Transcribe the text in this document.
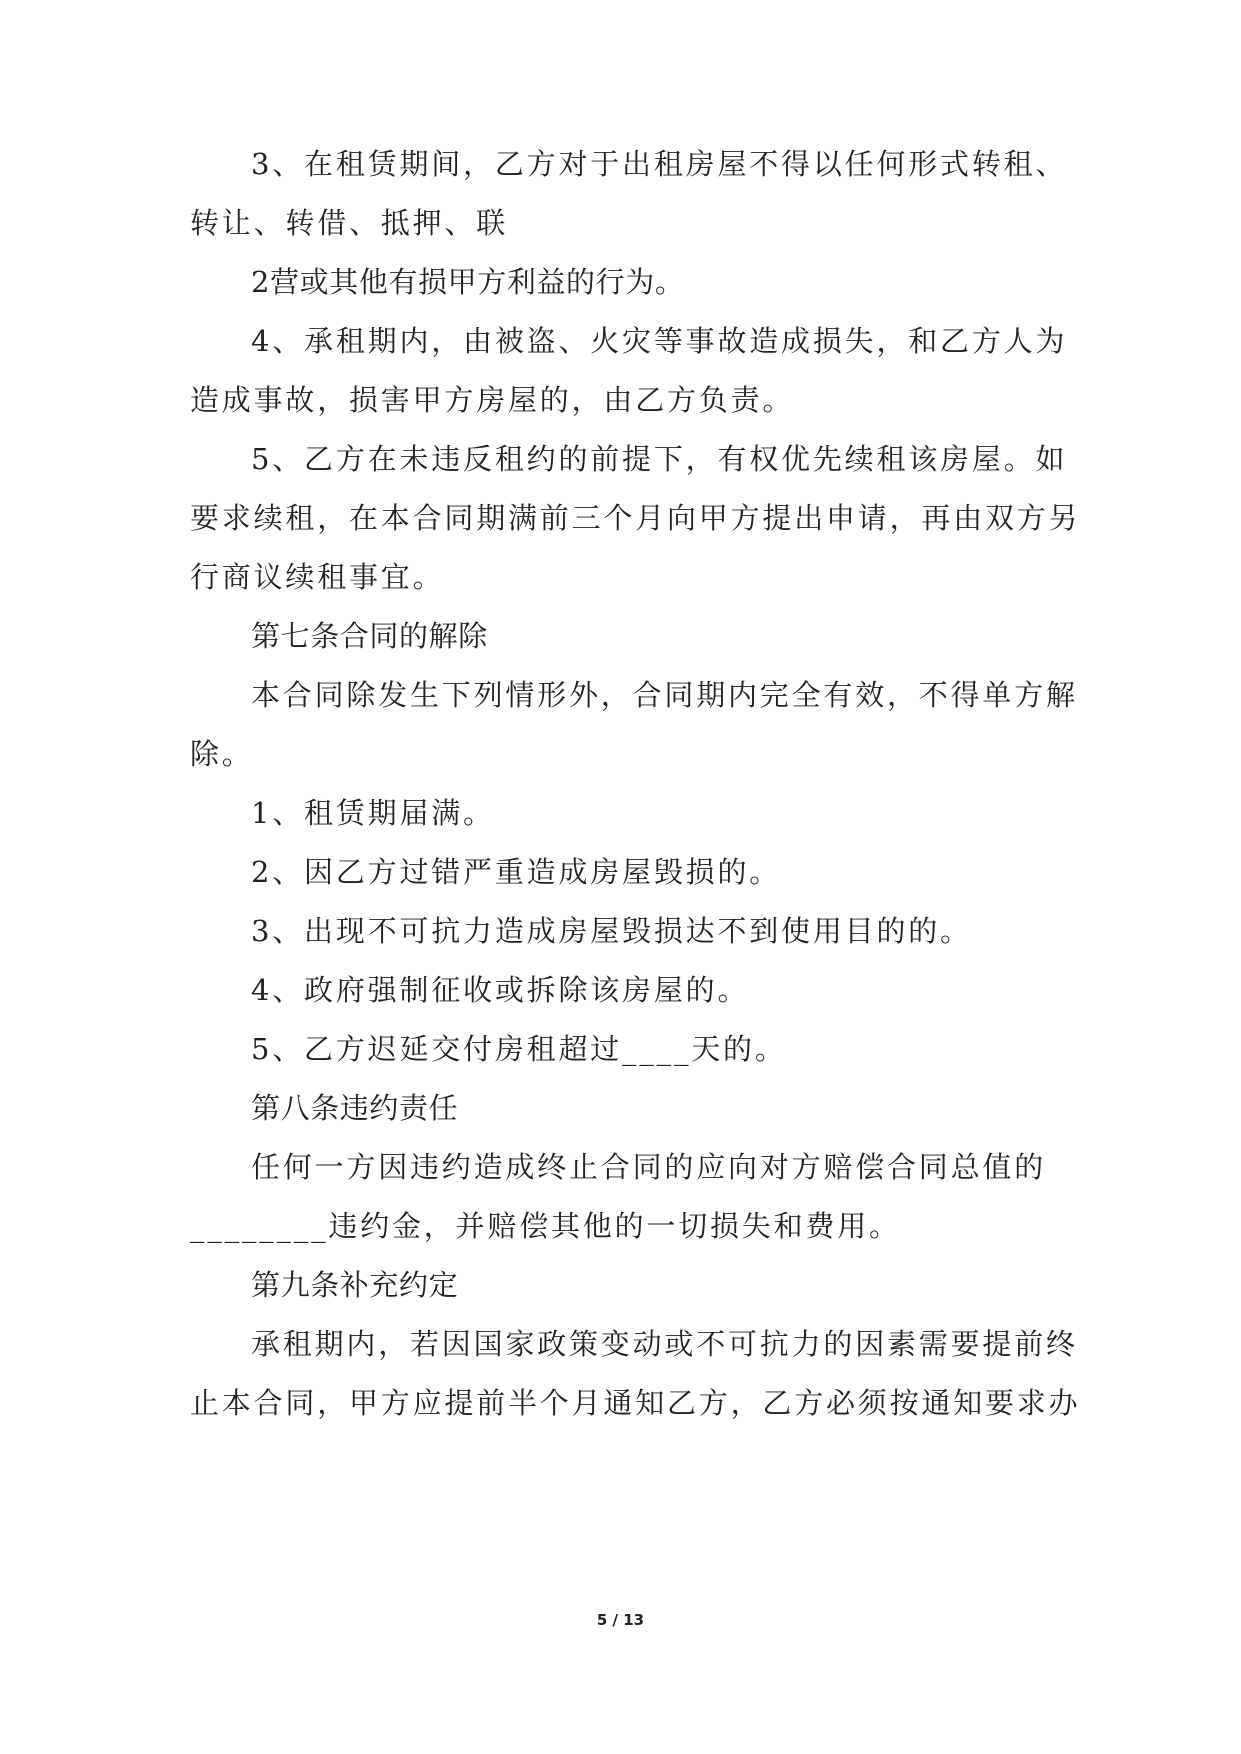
3、在租赁期间，乙方对于出租房屋不得以任何形式转租、
转让、转借、抵押、联
2营或其他有损甲方利益的行为。
4、承租期内，由被盗、火灾等事故造成损失，和乙方人为
造成事故，损害甲方房屋的，由乙方负责。
5、乙方在未违反租约的前提下，有权优先续租该房屋。如
要求续租，在本合同期满前三个月向甲方提出申请，再由双方另
行商议续租事宜。
第七条合同的解除
本合同除发生下列情形外，合同期内完全有效，不得单方解
除。
1、租赁期届满。
2、因乙方过错严重造成房屋毁损的。
3、出现不可抗力造成房屋毁损达不到使用目的的。
4、政府强制征收或拆除该房屋的。
5、乙方迟延交付房租超过____天的。
第八条违约责任
任何一方因违约造成终止合同的应向对方赔偿合同总值的
________违约金，并赔偿其他的一切损失和费用。
第九条补充约定
承租期内，若因国家政策变动或不可抗力的因素需要提前终
止本合同，甲方应提前半个月通知乙方，乙方必须按通知要求办
5 / 13
